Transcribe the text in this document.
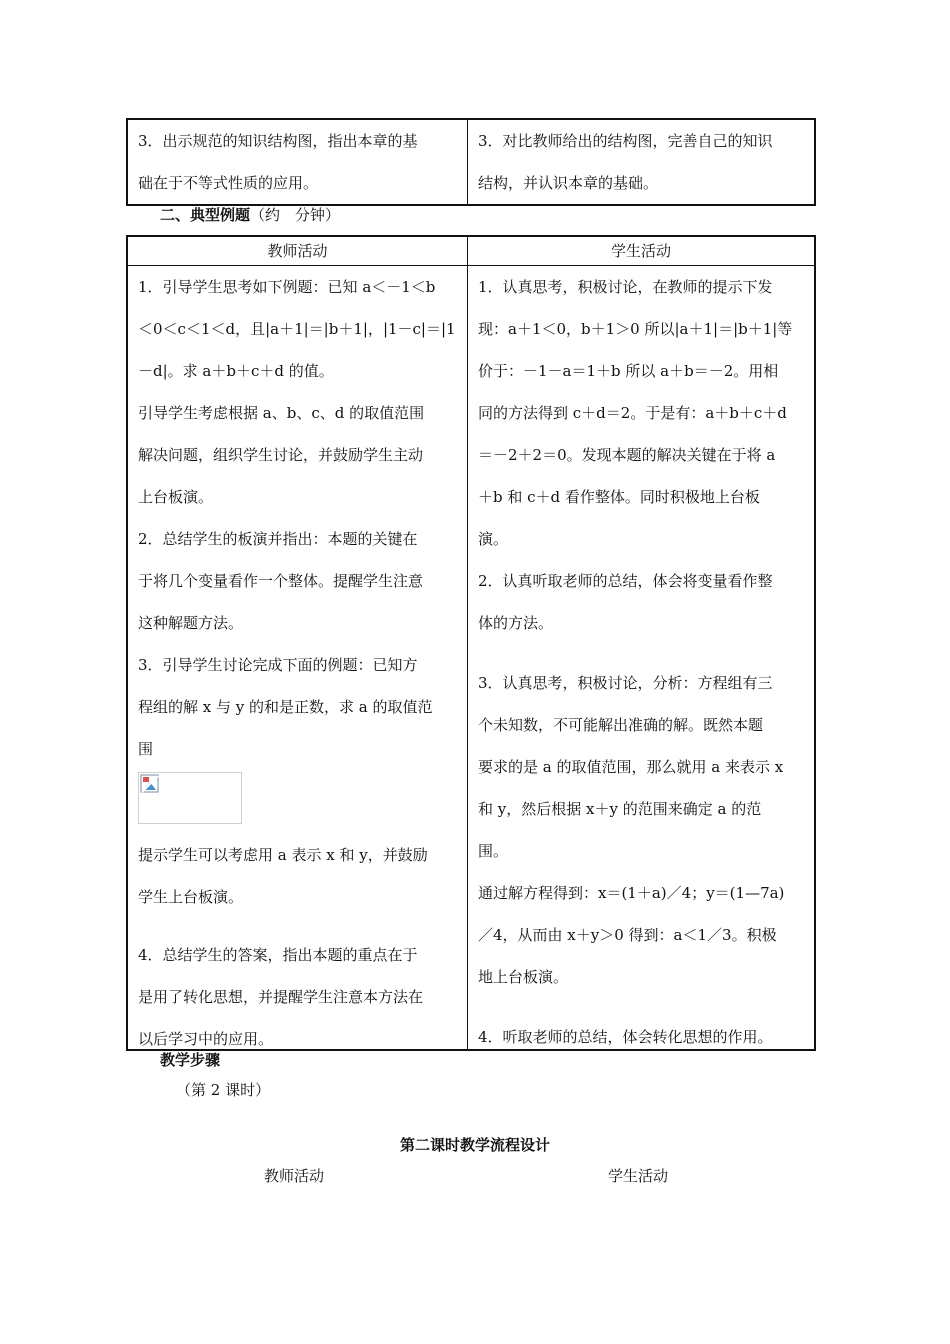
3．出示规范的知识结构图，指出本章的基

础在于不等式性质的应用。

3．对比教师给出的结构图，完善自己的知识

结构，并认识本章的基础。

二、典型例题（约　分钟）
教师活动	学生活动

1．引导学生思考如下例题：已知 a＜－1＜b

＜0＜c＜1＜d，且|a＋1|＝|b＋1|，|1－c|＝|1

－d|。求 a＋b＋c＋d 的值。

引导学生考虑根据 a、b、c、d 的取值范围

解决问题，组织学生讨论，并鼓励学生主动

上台板演。

2．总结学生的板演并指出：本题的关键在

于将几个变量看作一个整体。提醒学生注意

这种解题方法。

3．引导学生讨论完成下面的例题：已知方

程组的解 x 与 y 的和是正数，求 a 的取值范

围

提示学生可以考虑用 a 表示 x 和 y，并鼓励

学生上台板演。

4．总结学生的答案，指出本题的重点在于

是用了转化思想，并提醒学生注意本方法在

以后学习中的应用。

1．认真思考，积极讨论，在教师的提示下发

现：a＋1＜0，b＋1＞0 所以|a＋1|＝|b＋1|等

价于：－1－a＝1＋b 所以 a＋b＝－2。用相

同的方法得到 c＋d＝2。于是有：a＋b＋c＋d

＝－2＋2＝0。发现本题的解决关键在于将 a

＋b 和 c＋d 看作整体。同时积极地上台板

演。

2．认真听取老师的总结，体会将变量看作整

体的方法。

3．认真思考，积极讨论，分析：方程组有三

个未知数，不可能解出准确的解。既然本题

要求的是 a 的取值范围，那么就用 a 来表示 x

和 y，然后根据 x＋y 的范围来确定 a 的范

围。

通过解方程得到：x＝(1＋a)／4；y＝(1—7a)

／4，从而由 x＋y＞0 得到：a＜1／3。积极

地上台板演。

4．听取老师的总结，体会转化思想的作用。

教学步骤
（第 2 课时）
第二课时教学流程设计
教师活动	学生活动
